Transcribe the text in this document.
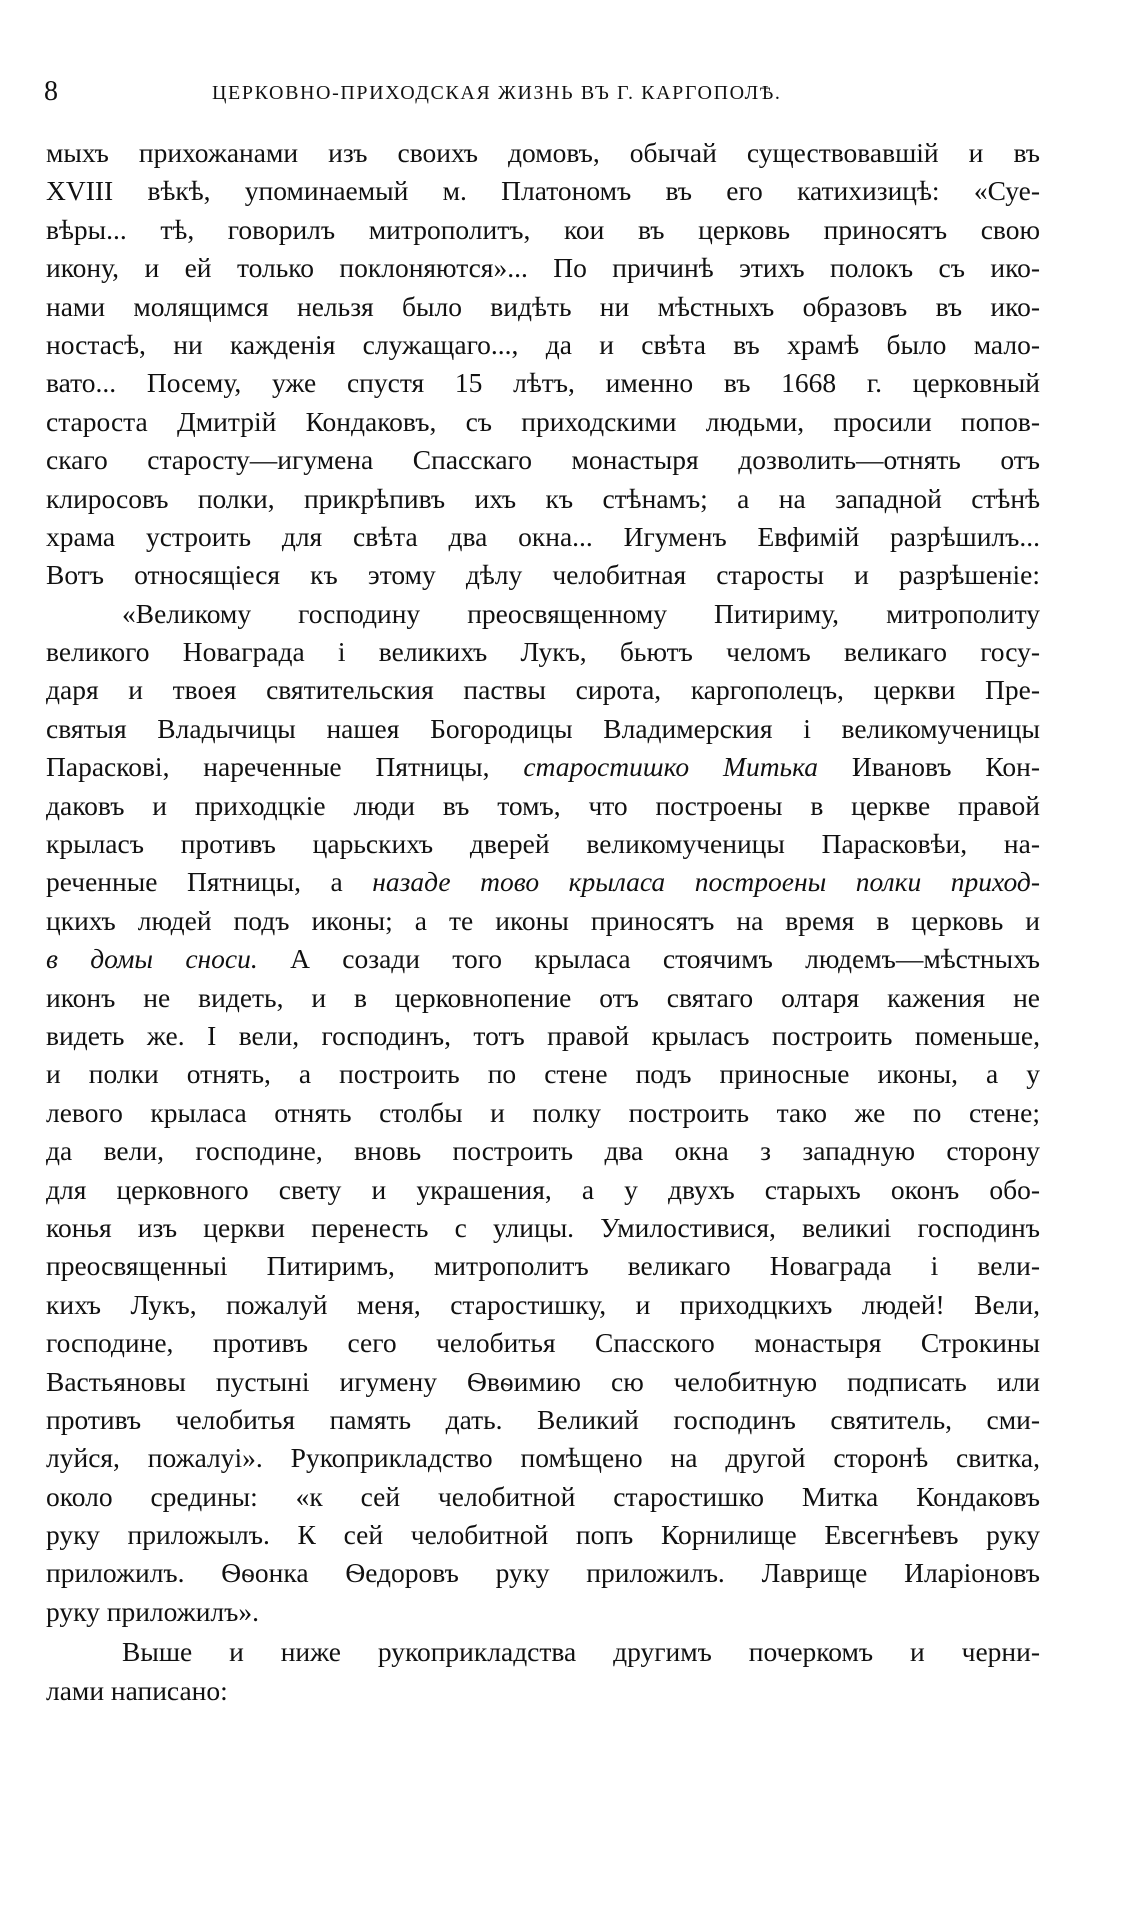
8	ЦЕРКОВНО-ПРИХОДСКАЯ ЖИЗНЬ ВЪ Г. КАРГОПОЛѢ.
мыхъ прихожанами изъ своихъ домовъ, обычай существовавшій и въ
XVIII вѣкѣ, упоминаемый м. Платономъ въ его катихизицѣ: «Суе-
вѣры... тѣ, говорилъ митрополитъ, кои въ церковь приносятъ свою
икону, и ей только поклоняются»... По причинѣ этихъ полокъ съ ико-
нами молящимся нельзя было видѣть ни мѣстныхъ образовъ въ ико-
ностасѣ, ни кажденія служащаго..., да и свѣта въ храмѣ было мало-
вато... Посему, уже спустя 15 лѣтъ, именно въ 1668 г. церковный
староста Дмитрій Кондаковъ, съ приходскими людьми, просили попов-
скаго старосту—игумена Спасскаго монастыря дозволить—отнять отъ
клиросовъ полки, прикрѣпивъ ихъ къ стѣнамъ; а на западной стѣнѣ
храма устроить для свѣта два окна... Игуменъ Евфимій разрѣшилъ...
Вотъ относящіеся къ этому дѣлу челобитная старосты и разрѣшеніе:
«Великому господину преосвященному Питириму, митрополиту
великого Новаграда і великихъ Лукъ, бьютъ челомъ великаго госу-
даря и твоея святительския паствы сирота, каргополецъ, церкви Пре-
святыя Владычицы нашея Богородицы Владимерския і великомученицы
Параскові, нареченные Пятницы, старостишко Митька Ивановъ Кон-
даковъ и приходцкіе люди въ томъ, что построены в церкве правой
крыласъ противъ царьскихъ дверей великомученицы Парасковѣи, на-
реченные Пятницы, а назаде тово крыласа построены полки приход-
цкихъ людей подъ иконы; а те иконы приносятъ на время в церковь и
в домы сноси. А созади того крыласа стоячимъ людемъ—мѣстныхъ
иконъ не видеть, и в церковнопение отъ святаго олтаря кажения не
видеть же. І вели, господинъ, тотъ правой крыласъ построить поменьше,
и полки отнять, а построить по стене подъ приносные иконы, а у
левого крыласа отнять столбы и полку построить тако же по стене;
да вели, господине, вновь построить два окна з западную сторону
для церковного свету и украшения, а у двухъ старыхъ оконъ обо-
конья изъ церкви перенесть с улицы. Умилостивися, великиі господинъ
преосвященныі Питиримъ, митрополитъ великаго Новаграда і вели-
кихъ Лукъ, пожалуй меня, старостишку, и приходцкихъ людей! Вели,
господине, противъ сего челобитья Спасского монастыря Строкины
Вастьяновы пустыні игумену Ѳвѳимию сю челобитную подписать или
противъ челобитья память дать. Великий господинъ святитель, сми-
луйся, пожалуі». Рукоприкладство помѣщено на другой сторонѣ свитка,
около средины: «к сей челобитной старостишко Митка Кондаковъ
руку приложылъ. К сей челобитной попъ Корнилище Евсегнѣевъ руку
приложилъ. Ѳѳонка Ѳедоровъ руку приложилъ. Лаврище Иларіоновъ
руку приложилъ».
Выше и ниже рукоприкладства другимъ почеркомъ и черни-
лами написано:
